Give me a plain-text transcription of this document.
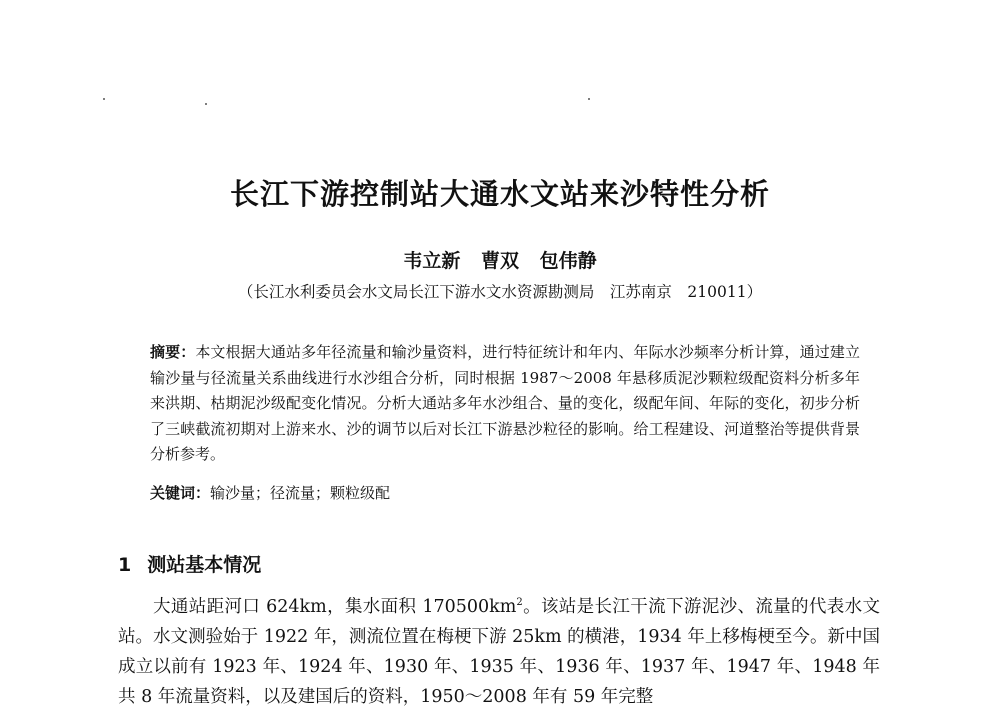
长江下游控制站大通水文站来沙特性分析

韦立新 曹双 包伟静

（长江水利委员会水文局长江下游水文水资源勘测局　江苏南京　210011）

摘要：本文根据大通站多年径流量和输沙量资料，进行特征统计和年内、年际水沙频率分析计算，通过建立输沙量与径流量关系曲线进行水沙组合分析，同时根据 1987～2008 年悬移质泥沙颗粒级配资料分析多年来洪期、枯期泥沙级配变化情况。分析大通站多年水沙组合、量的变化，级配年间、年际的变化，初步分析了三峡截流初期对上游来水、沙的调节以后对长江下游悬沙粒径的影响。给工程建设、河道整治等提供背景分析参考。

关键词：输沙量；径流量；颗粒级配

1 测站基本情况

大通站距河口 624km，集水面积 $170500km^2$。该站是长江干流下游泥沙、流量的代表水文站。水文测验始于 1922 年，测流位置在梅梗下游 25km 的横港，1934 年上移梅梗至今。新中国成立以前有 1923 年、1924 年、1930 年、1935 年、1936 年、1937 年、1947 年、1948 年共 8 年流量资料，以及建国后的资料，1950～2008 年有 59 年完整
